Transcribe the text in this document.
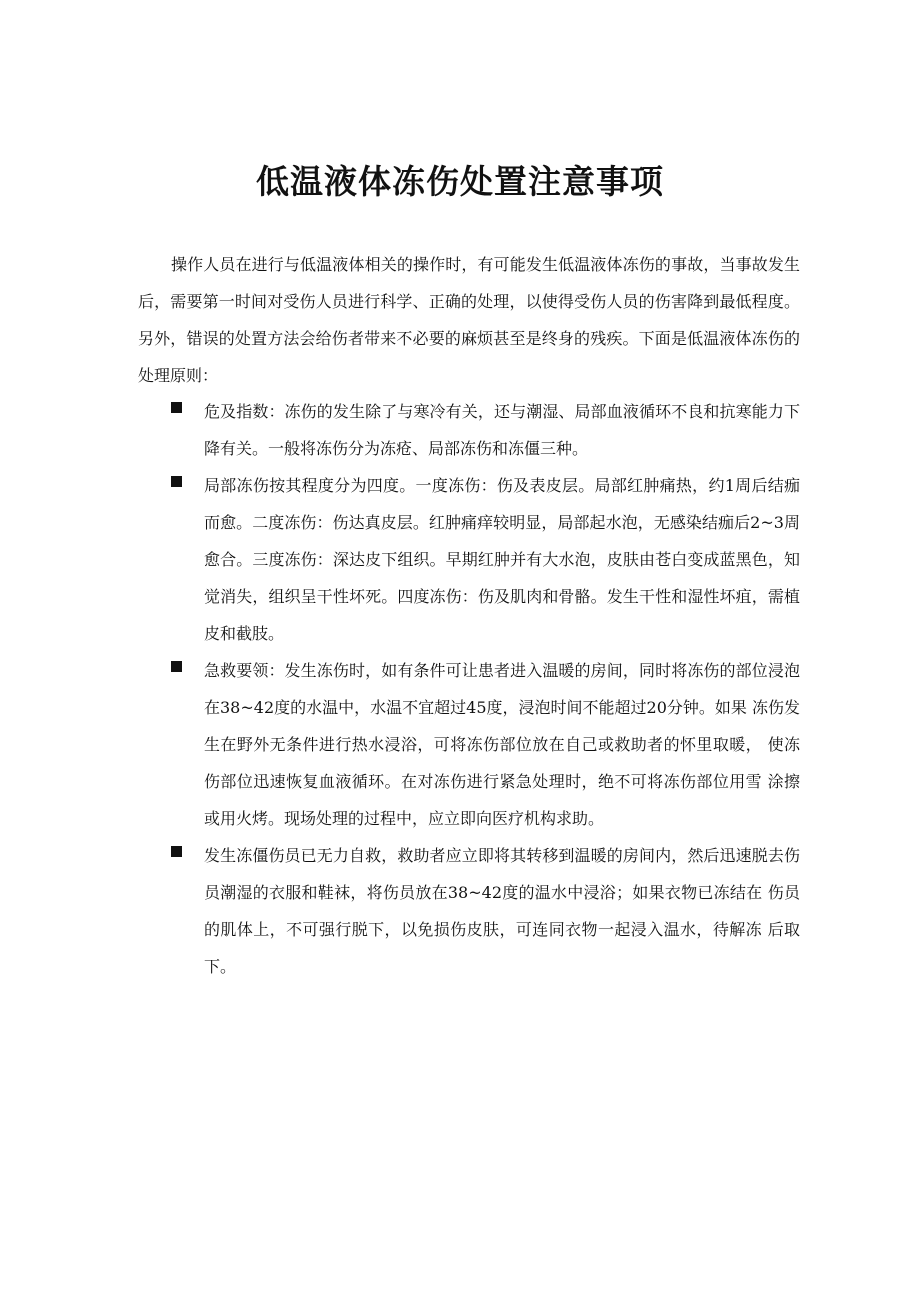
低温液体冻伤处置注意事项

操作人员在进行与低温液体相关的操作时，有可能发生低温液体冻伤的事故，当事故发生后，需要第一时间对受伤人员进行科学、正确的处理，以使得受伤人员的伤害降到最低程度。另外，错误的处置方法会给伤者带来不必要的麻烦甚至是终身的残疾。下面是低温液体冻伤的处理原则：

危及指数：冻伤的发生除了与寒冷有关，还与潮湿、局部血液循环不良和抗寒能力下降有关。一般将冻伤分为冻疮、局部冻伤和冻僵三种。

局部冻伤按其程度分为四度。一度冻伤：伤及表皮层。局部红肿痛热，约1周后结痂而愈。二度冻伤：伤达真皮层。红肿痛痒较明显，局部起水泡，无感染结痂后2~3周愈合。三度冻伤：深达皮下组织。早期红肿并有大水泡，皮肤由苍白变成蓝黑色，知觉消失，组织呈干性坏死。四度冻伤：伤及肌肉和骨骼。发生干性和湿性坏疽，需植皮和截肢。

急救要领：发生冻伤时，如有条件可让患者进入温暖的房间，同时将冻伤的部位浸泡在38~42度的水温中，水温不宜超过45度，浸泡时间不能超过20分钟。如果 冻伤发生在野外无条件进行热水浸浴，可将冻伤部位放在自己或救助者的怀里取暖， 使冻伤部位迅速恢复血液循环。在对冻伤进行紧急处理时，绝不可将冻伤部位用雪 涂擦或用火烤。现场处理的过程中，应立即向医疗机构求助。

发生冻僵伤员已无力自救，救助者应立即将其转移到温暖的房间内，然后迅速脱去伤员潮湿的衣服和鞋袜，将伤员放在38~42度的温水中浸浴；如果衣物已冻结在 伤员的肌体上，不可强行脱下，以免损伤皮肤，可连同衣物一起浸入温水，待解冻 后取下。
